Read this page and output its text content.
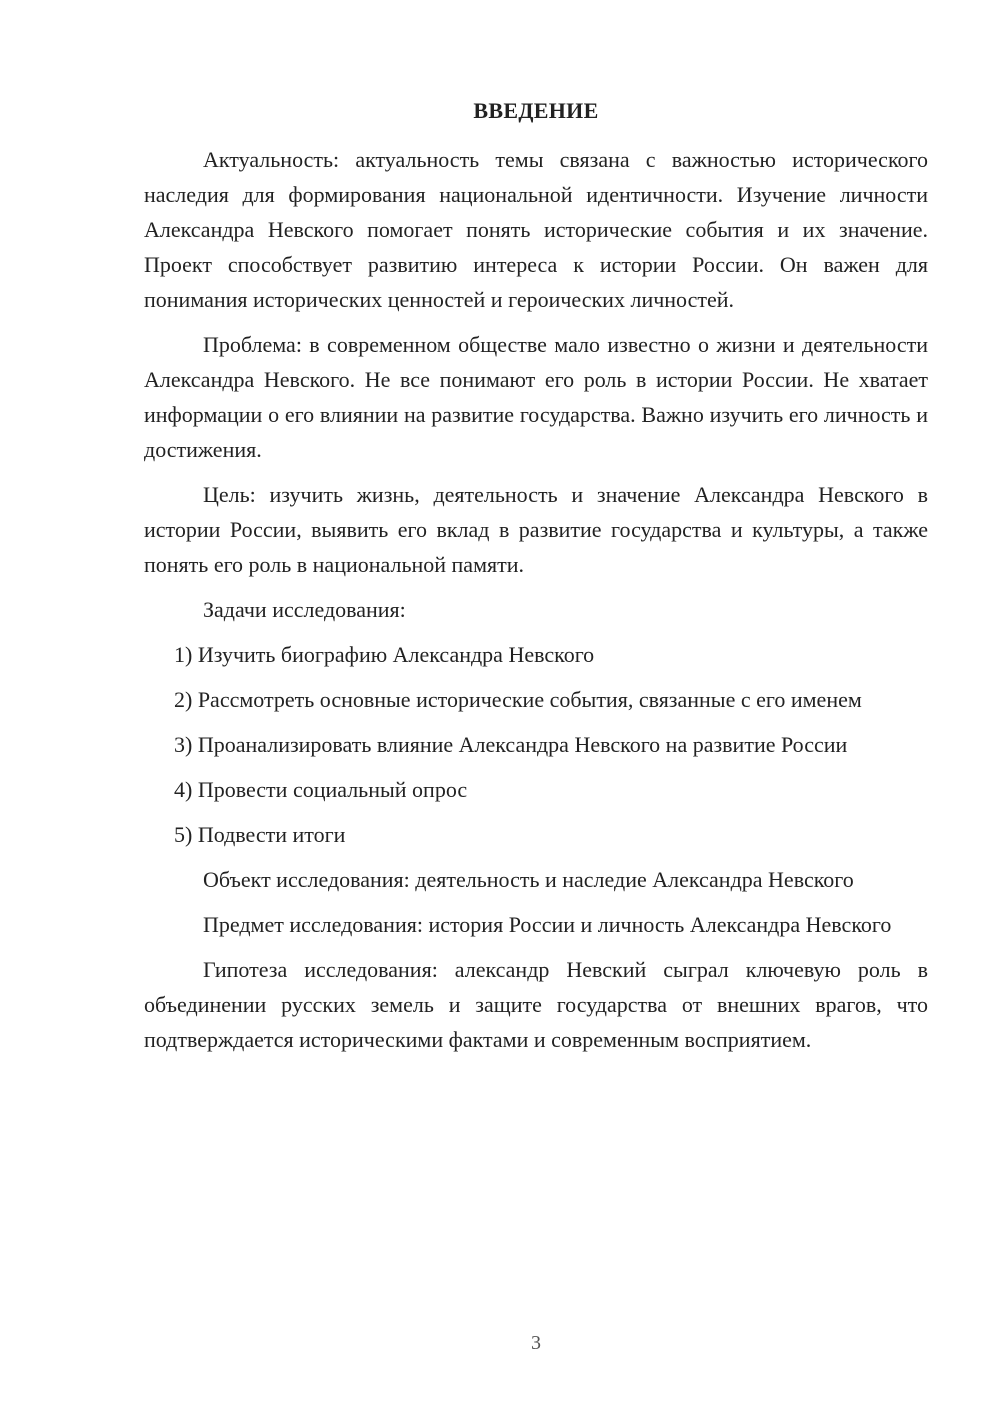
ВВЕДЕНИЕ

Актуальность: актуальность темы связана с важностью исторического наследия для формирования национальной идентичности. Изучение личности Александра Невского помогает понять исторические события и их значение. Проект способствует развитию интереса к истории России. Он важен для понимания исторических ценностей и героических личностей.

Проблема: в современном обществе мало известно о жизни и деятельности Александра Невского. Не все понимают его роль в истории России. Не хватает информации о его влиянии на развитие государства. Важно изучить его личность и достижения.

Цель: изучить жизнь, деятельность и значение Александра Невского в истории России, выявить его вклад в развитие государства и культуры, а также понять его роль в национальной памяти.

Задачи исследования:

1) Изучить биографию Александра Невского

2) Рассмотреть основные исторические события, связанные с его именем

3) Проанализировать влияние Александра Невского на развитие России

4) Провести социальный опрос

5) Подвести итоги

Объект исследования: деятельность и наследие Александра Невского

Предмет исследования: история России и личность Александра Невского

Гипотеза исследования: александр Невский сыграл ключевую роль в объединении русских земель и защите государства от внешних врагов, что подтверждается историческими фактами и современным восприятием.

3
